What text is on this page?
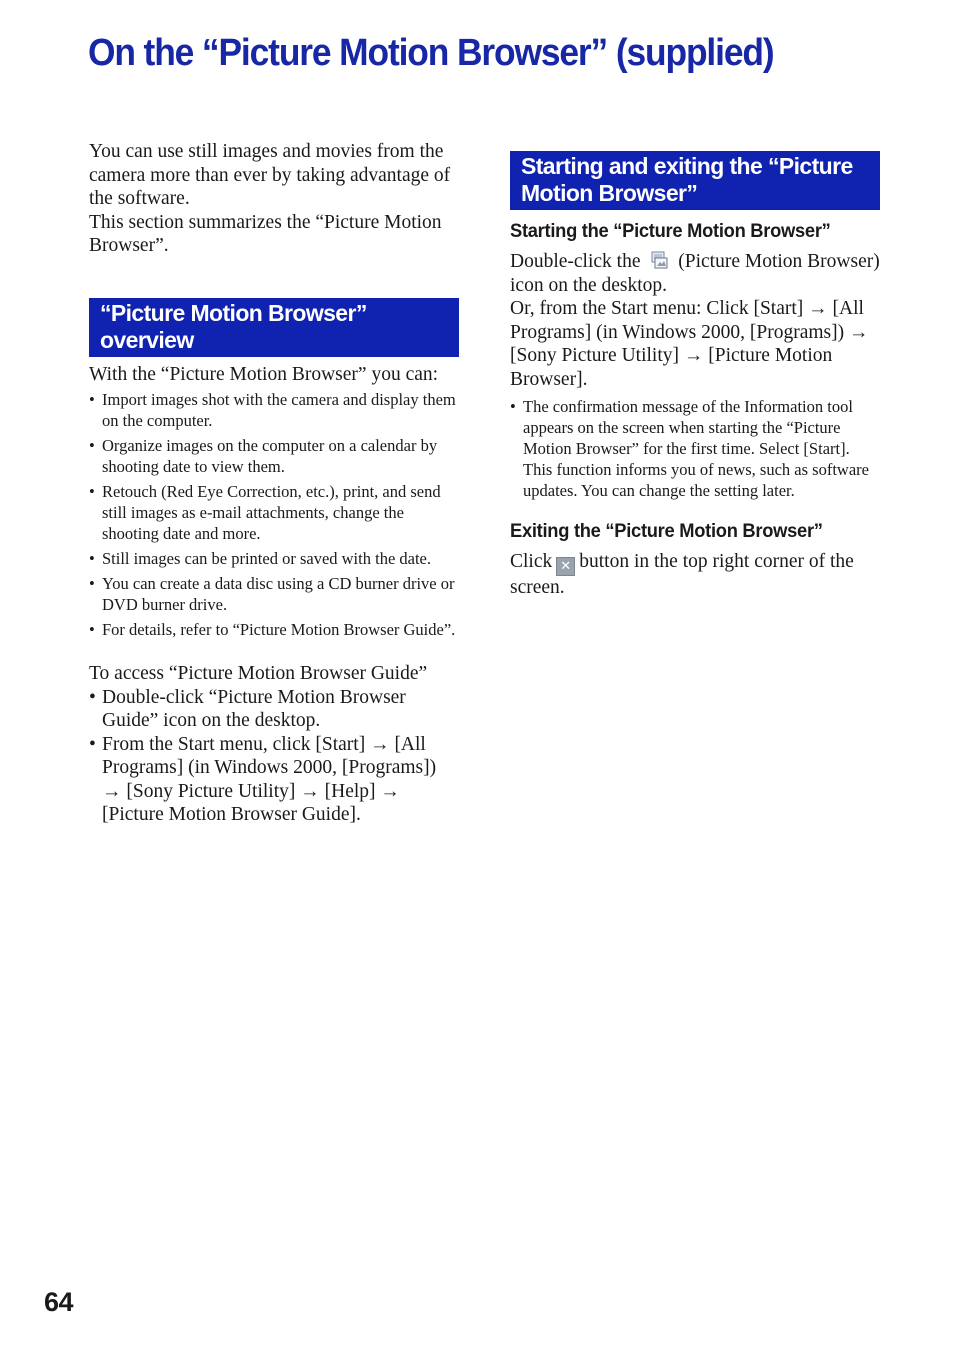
On the “Picture Motion Browser” (supplied)

You can use still images and movies from the camera more than ever by taking advantage of the software.

This section summarizes the “Picture Motion Browser”.

“Picture Motion Browser” overview

With the “Picture Motion Browser” you can:

• Import images shot with the camera and display them on the computer.
• Organize images on the computer on a calendar by shooting date to view them.
• Retouch (Red Eye Correction, etc.), print, and send still images as e-mail attachments, change the shooting date and more.
• Still images can be printed or saved with the date.
• You can create a data disc using a CD burner drive or DVD burner drive.
• For details, refer to “Picture Motion Browser Guide”.

To access “Picture Motion Browser Guide”

• Double-click “Picture Motion Browser Guide” icon on the desktop.
• From the Start menu, click [Start] → [All Programs] (in Windows 2000, [Programs]) → [Sony Picture Utility] → [Help] → [Picture Motion Browser Guide].
Starting and exiting the “Picture Motion Browser”
Starting the “Picture Motion Browser”

Double-click the (Picture Motion Browser) icon on the desktop.

Or, from the Start menu: Click [Start] → [All Programs] (in Windows 2000, [Programs]) → [Sony Picture Utility] → [Picture Motion Browser].

• The confirmation message of the Information tool appears on the screen when starting the “Picture Motion Browser” for the first time. Select [Start]. This function informs you of news, such as software updates. You can change the setting later.
Exiting the “Picture Motion Browser”

Click ✕ button in the top right corner of the screen.

64
